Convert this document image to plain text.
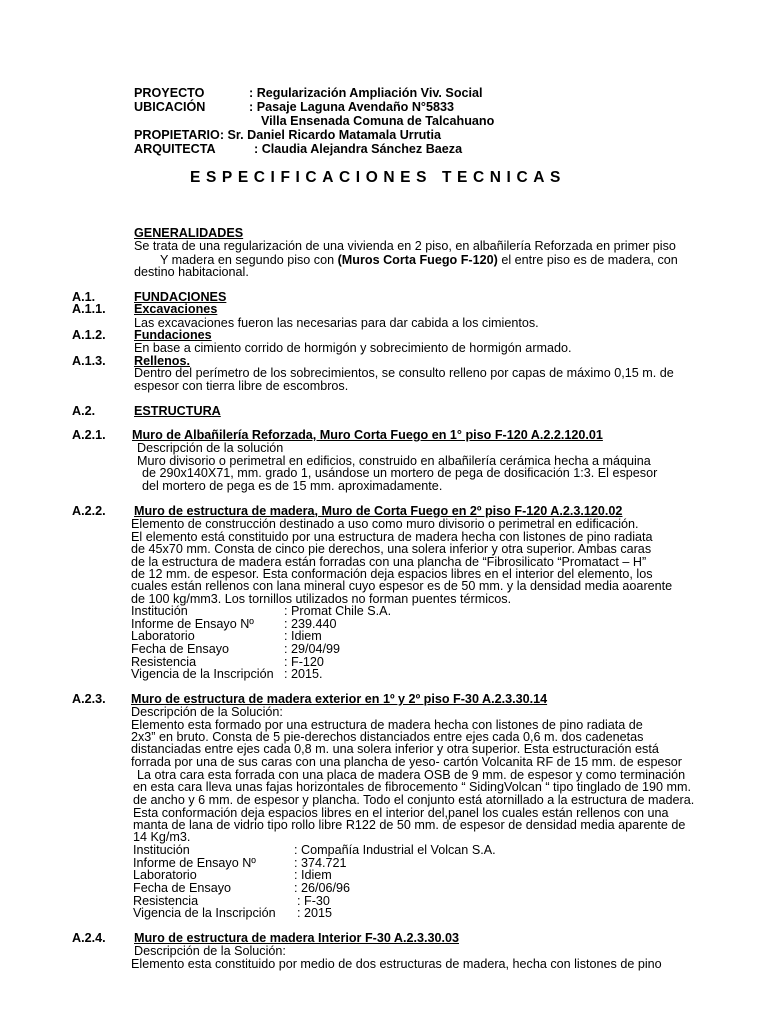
PROYECTO	: Regularización Ampliación Viv. Social
UBICACIÓN	: Pasaje Laguna Avendaño N°5833
Villa Ensenada Comuna de Talcahuano
PROPIETARIO: Sr. Daniel Ricardo Matamala Urrutia
ARQUITECTA	: Claudia Alejandra Sánchez Baeza
ESPECIFICACIONES TECNICAS
GENERALIDADES
Se trata de una regularización de una vivienda en 2 piso, en albañilería Reforzada en primer piso
Y madera en segundo piso con (Muros Corta Fuego F-120) el entre piso es de madera, con
destino habitacional.
A.1.	FUNDACIONES
A.1.1. Excavaciones
Las excavaciones fueron las necesarias para dar cabida a los cimientos.
A.1.2. Fundaciones
En base a cimiento corrido de hormigón y sobrecimiento de hormigón armado.
A.1.3. Rellenos.
Dentro del perímetro de los sobrecimientos, se consulto relleno por capas de máximo 0,15 m. de
espesor con tierra libre de escombros.
A.2.	ESTRUCTURA
A.2.1. Muro de Albañilería Reforzada, Muro Corta Fuego en 1° piso F-120 A.2.2.120.01
Descripción de la solución
Muro divisorio o perimetral en edificios, construido en albañilería cerámica hecha a máquina
de 290x140X71, mm. grado 1, usándose un mortero de pega de dosificación 1:3. El espesor
del mortero de pega es de 15 mm. aproximadamente.
A.2.2. Muro de estructura de madera, Muro de Corta Fuego en 2º piso F-120 A.2.3.120.02
Elemento de construcción destinado a uso como muro divisorio o perimetral en edificación.
El elemento está constituido por una estructura de madera hecha con listones de pino radiata
de 45x70 mm. Consta de cinco pie derechos, una solera inferior y otra superior. Ambas caras
de la estructura de madera están forradas con una plancha de “Fibrosilicato “Promatact – H”
de 12 mm. de espesor. Esta conformación deja espacios libres en el interior del elemento, los
cuales están rellenos con lana mineral cuyo espesor es de 50 mm. y la densidad media aoarente
de 100 kg/mm3. Los tornillos utilizados no forman puentes térmicos.
Institución	: Promat Chile S.A.
Informe de Ensayo Nº : 239.440
Laboratorio	: Idiem
Fecha de Ensayo	: 29/04/99
Resistencia	: F-120
Vigencia de la Inscripción : 2015.
A.2.3. Muro de estructura de madera exterior en 1º y 2º piso F-30 A.2.3.30.14
Descripción de la Solución:
Elemento esta formado por una estructura de madera hecha con listones de pino radiata de
2x3” en bruto. Consta de 5 pie-derechos distanciados entre ejes cada 0,6 m. dos cadenetas
distanciadas entre ejes cada 0,8 m. una solera inferior y otra superior. Esta estructuración está
forrada por una de sus caras con una plancha de yeso- cartón Volcanita RF de 15 mm. de espesor
La otra cara esta forrada con una placa de madera OSB de 9 mm. de espesor y como terminación
en esta cara lleva unas fajas horizontales de fibrocemento “ SidingVolcan “ tipo tinglado de 190 mm.
de ancho y 6 mm. de espesor y plancha. Todo el conjunto está atornillado a la estructura de madera.
Esta conformación deja espacios libres en el interior del,panel los cuales están rellenos con una
manta de lana de vidrio tipo rollo libre R122 de 50 mm. de espesor de densidad media aparente de
14 Kg/m3.
Institución	: Compañía Industrial el Volcan S.A.
Informe de Ensayo Nº	: 374.721
Laboratorio	: Idiem
Fecha de Ensayo	: 26/06/96
Resistencia	: F-30
Vigencia de la Inscripción : 2015
A.2.4. Muro de estructura de madera Interior F-30 A.2.3.30.03
Descripción de la Solución:
Elemento esta constituido por medio de dos estructuras de madera, hecha con listones de pino
